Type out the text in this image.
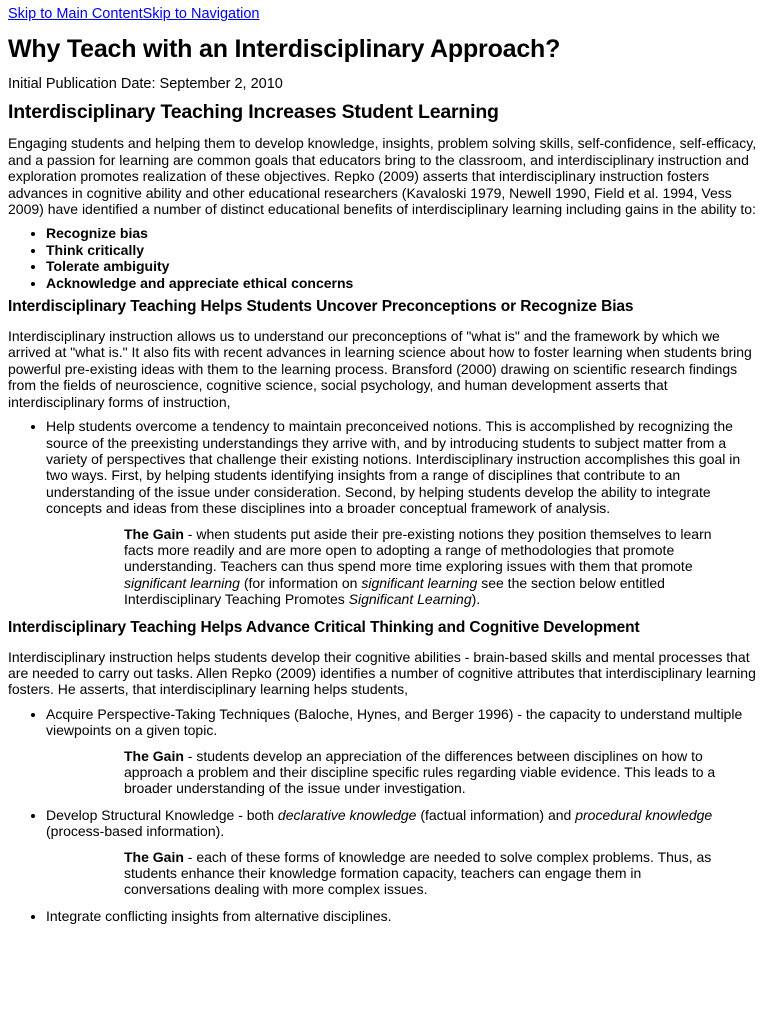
Skip to Main ContentSkip to Navigation
Why Teach with an Interdisciplinary Approach?
Initial Publication Date: September 2, 2010
Interdisciplinary Teaching Increases Student Learning

Engaging students and helping them to develop knowledge, insights, problem solving skills, self-confidence, self-efficacy, and a passion for learning are common goals that educators bring to the classroom, and interdisciplinary instruction and exploration promotes realization of these objectives. Repko (2009) asserts that interdisciplinary instruction fosters advances in cognitive ability and other educational researchers (Kavaloski 1979, Newell 1990, Field et al. 1994, Vess 2009) have identified a number of distinct educational benefits of interdisciplinary learning including gains in the ability to:

• Recognize bias
• Think critically
• Tolerate ambiguity
• Acknowledge and appreciate ethical concerns
Interdisciplinary Teaching Helps Students Uncover Preconceptions or Recognize Bias

Interdisciplinary instruction allows us to understand our preconceptions of "what is" and the framework by which we arrived at "what is." It also fits with recent advances in learning science about how to foster learning when students bring powerful pre-existing ideas with them to the learning process. Bransford (2000) drawing on scientific research findings from the fields of neuroscience, cognitive science, social psychology, and human development asserts that interdisciplinary forms of instruction,

• Help students overcome a tendency to maintain preconceived notions. This is accomplished by recognizing the source of the preexisting understandings they arrive with, and by introducing students to subject matter from a variety of perspectives that challenge their existing notions. Interdisciplinary instruction accomplishes this goal in two ways. First, by helping students identifying insights from a range of disciplines that contribute to an understanding of the issue under consideration. Second, by helping students develop the ability to integrate concepts and ideas from these disciplines into a broader conceptual framework of analysis.
The Gain - when students put aside their pre-existing notions they position themselves to learn facts more readily and are more open to adopting a range of methodologies that promote understanding. Teachers can thus spend more time exploring issues with them that promote significant learning (for information on significant learning see the section below entitled Interdisciplinary Teaching Promotes Significant Learning).
Interdisciplinary Teaching Helps Advance Critical Thinking and Cognitive Development

Interdisciplinary instruction helps students develop their cognitive abilities - brain-based skills and mental processes that are needed to carry out tasks. Allen Repko (2009) identifies a number of cognitive attributes that interdisciplinary learning fosters. He asserts, that interdisciplinary learning helps students,

• Acquire Perspective-Taking Techniques (Baloche, Hynes, and Berger 1996) - the capacity to understand multiple viewpoints on a given topic.
The Gain - students develop an appreciation of the differences between disciplines on how to approach a problem and their discipline specific rules regarding viable evidence. This leads to a broader understanding of the issue under investigation.
• Develop Structural Knowledge - both declarative knowledge (factual information) and procedural knowledge (process-based information).
The Gain - each of these forms of knowledge are needed to solve complex problems. Thus, as students enhance their knowledge formation capacity, teachers can engage them in conversations dealing with more complex issues.
• Integrate conflicting insights from alternative disciplines.
